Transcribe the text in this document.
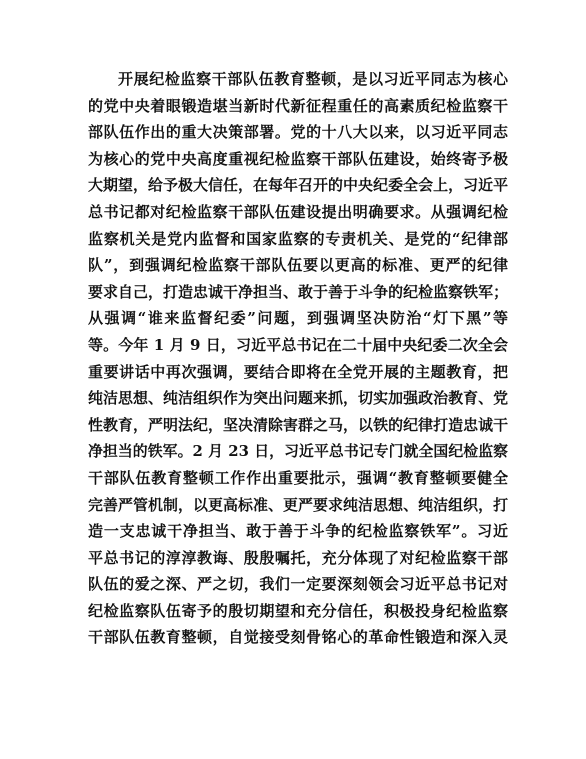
开展纪检监察干部队伍教育整顿，是以习近平同志为核心
的党中央着眼锻造堪当新时代新征程重任的高素质纪检监察干
部队伍作出的重大决策部署。党的十八大以来，以习近平同志
为核心的党中央高度重视纪检监察干部队伍建设，始终寄予极
大期望，给予极大信任，在每年召开的中央纪委全会上，习近平
总书记都对纪检监察干部队伍建设提出明确要求。从强调纪检
监察机关是党内监督和国家监察的专责机关、是党的“纪律部
队”，到强调纪检监察干部队伍要以更高的标准、更严的纪律
要求自己，打造忠诚干净担当、敢于善于斗争的纪检监察铁军；
从强调“谁来监督纪委”问题，到强调坚决防治“灯下黑”等
等。今年 1 月 9 日，习近平总书记在二十届中央纪委二次全会
重要讲话中再次强调，要结合即将在全党开展的主题教育，把
纯洁思想、纯洁组织作为突出问题来抓，切实加强政治教育、党
性教育，严明法纪，坚决清除害群之马，以铁的纪律打造忠诚干
净担当的铁军。2 月 23 日，习近平总书记专门就全国纪检监察
干部队伍教育整顿工作作出重要批示，强调“教育整顿要健全
完善严管机制，以更高标准、更严要求纯洁思想、纯洁组织，打
造一支忠诚干净担当、敢于善于斗争的纪检监察铁军”。习近
平总书记的淳淳教诲、殷殷嘱托，充分体现了对纪检监察干部
队伍的爱之深、严之切，我们一定要深刻领会习近平总书记对
纪检监察队伍寄予的殷切期望和充分信任，积极投身纪检监察
干部队伍教育整顿，自觉接受刻骨铭心的革命性锻造和深入灵
